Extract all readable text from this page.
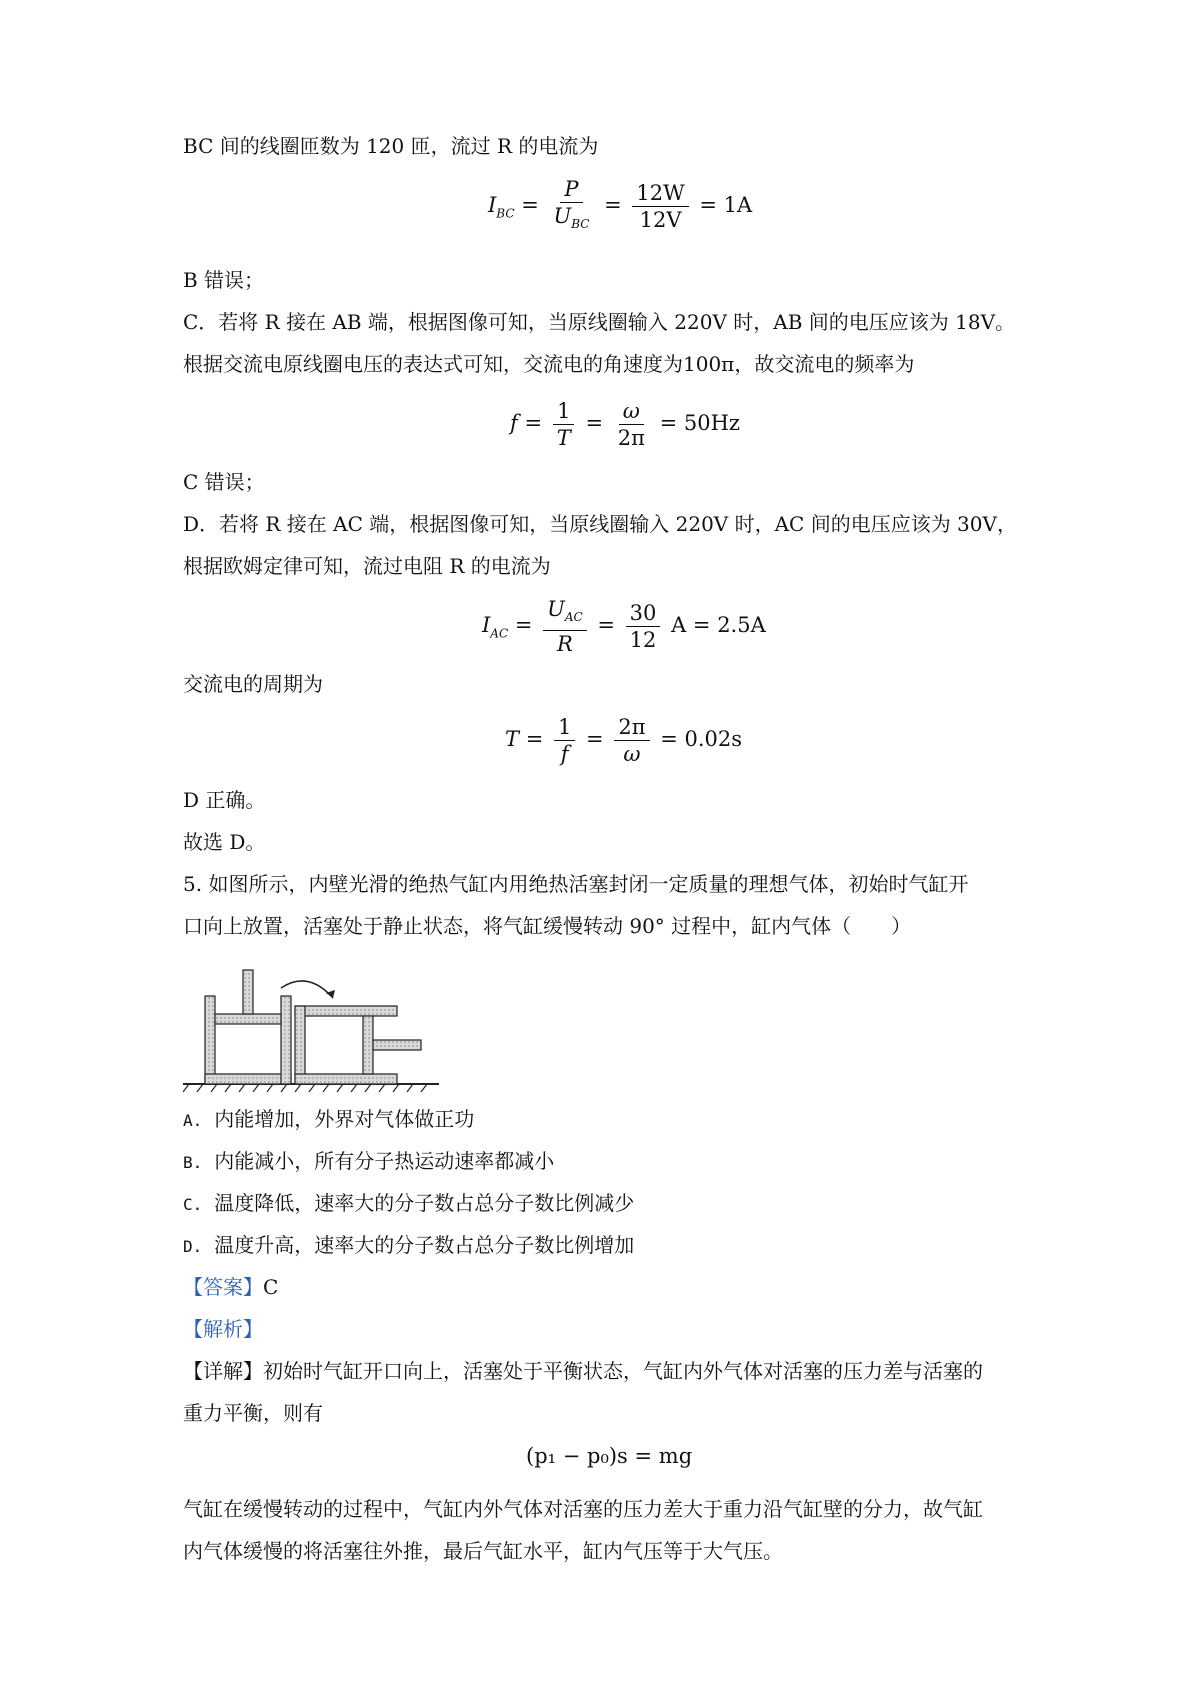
BC 间的线圈匝数为 120 匝，流过 R 的电流为
$I_{BC} = \frac{P}{U_{BC}} = \frac{12W}{12V} = 1A$
B 错误；
C．若将 R 接在 AB 端，根据图像可知，当原线圈输入 220V 时，AB 间的电压应该为 18V。
根据交流电原线圈电压的表达式可知，交流电的角速度为100π，故交流电的频率为
$f = \frac{1}{T} = \frac{\omega}{2\pi} = 50Hz$
C 错误；
D．若将 R 接在 AC 端，根据图像可知，当原线圈输入 220V 时，AC 间的电压应该为 30V，
根据欧姆定律可知，流过电阻 R 的电流为
$I_{AC} = \frac{U_{AC}}{R} = \frac{30}{12}$ A = 2.5A
交流电的周期为
$T = \frac{1}{f} = \frac{2\pi}{\omega} = 0.02s$
D 正确。
故选 D。
5. 如图所示，内壁光滑的绝热气缸内用绝热活塞封闭一定质量的理想气体，初始时气缸开
口向上放置，活塞处于静止状态，将气缸缓慢转动 90° 过程中，缸内气体（　　）
A. 内能增加，外界对气体做正功
B. 内能减小，所有分子热运动速率都减小
C. 温度降低，速率大的分子数占总分子数比例减少
D. 温度升高，速率大的分子数占总分子数比例增加
【答案】C
【解析】
【详解】初始时气缸开口向上，活塞处于平衡状态，气缸内外气体对活塞的压力差与活塞的
重力平衡，则有
(p₁ − p₀)s = mg
气缸在缓慢转动的过程中，气缸内外气体对活塞的压力差大于重力沿气缸壁的分力，故气缸
内气体缓慢的将活塞往外推，最后气缸水平，缸内气压等于大气压。
